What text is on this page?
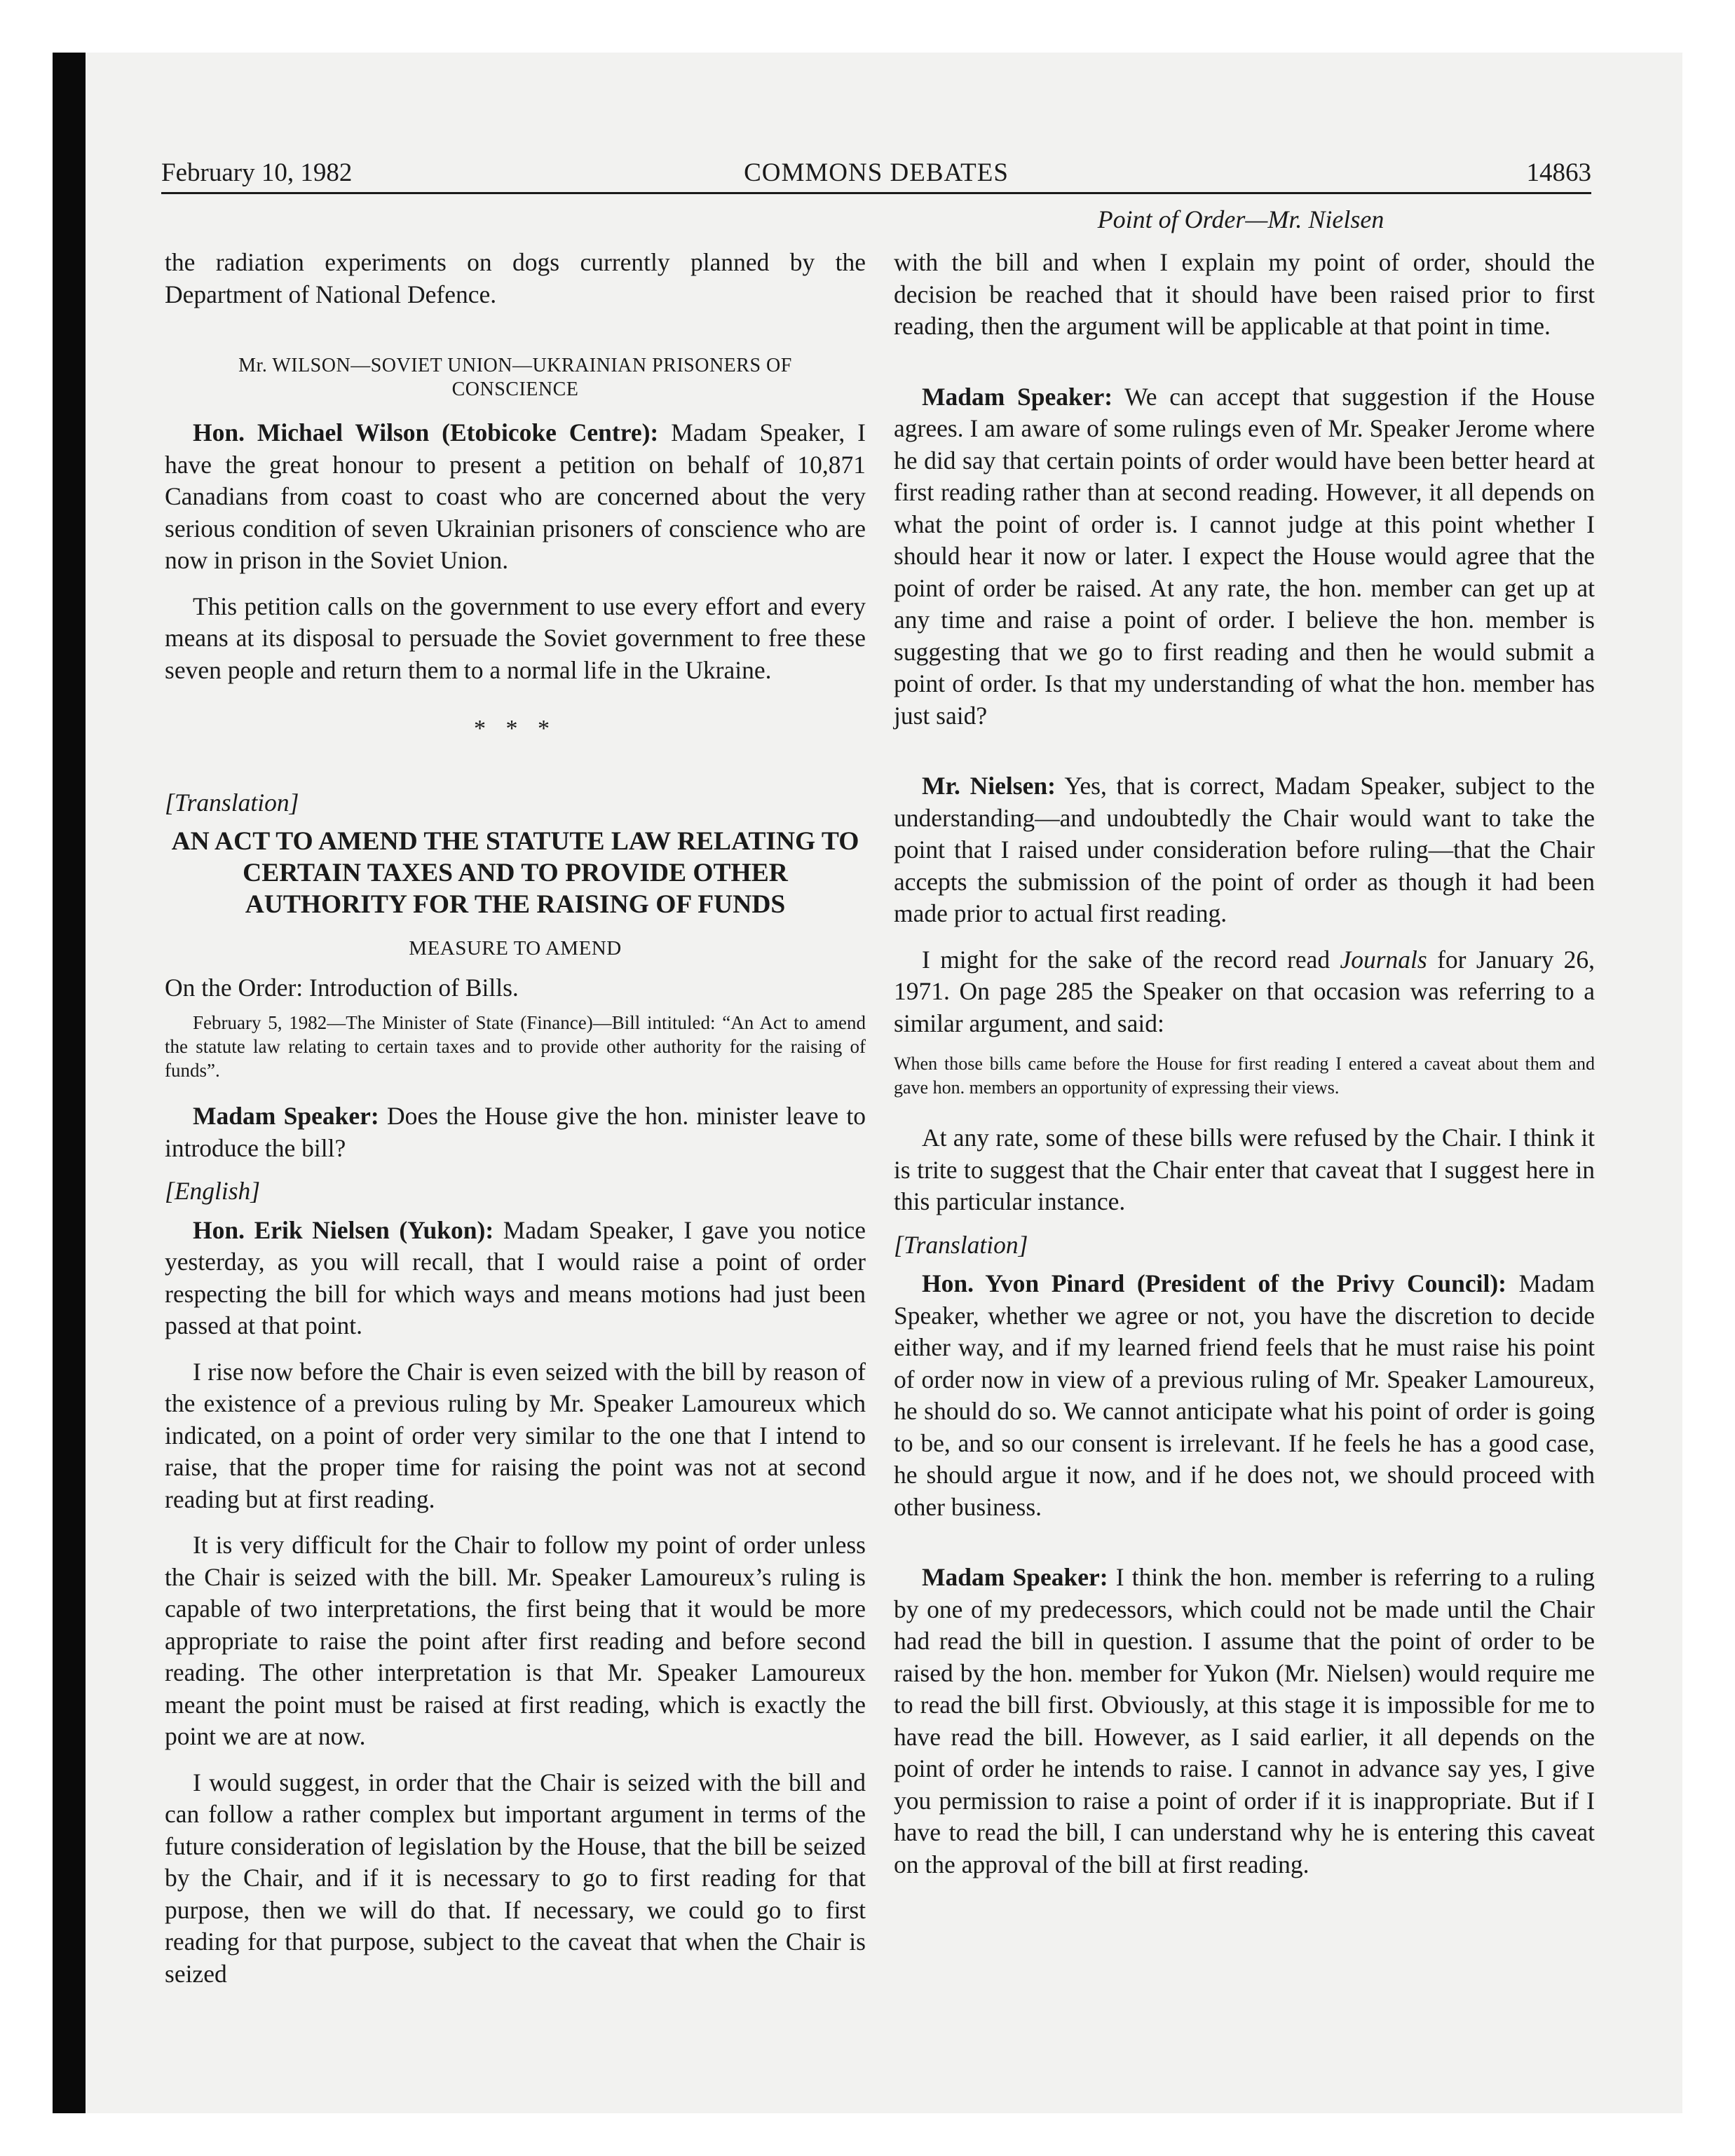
February 10, 1982	COMMONS DEBATES	14863
Point of Order—Mr. Nielsen

the radiation experiments on dogs currently planned by the Department of National Defence.

Mr. WILSON—SOVIET UNION—UKRAINIAN PRISONERS OF CONSCIENCE

Hon. Michael Wilson (Etobicoke Centre): Madam Speaker, I have the great honour to present a petition on behalf of 10,871 Canadians from coast to coast who are concerned about the very serious condition of seven Ukrainian prisoners of conscience who are now in prison in the Soviet Union.

This petition calls on the government to use every effort and every means at its disposal to persuade the Soviet government to free these seven people and return them to a normal life in the Ukraine.

* * *
[Translation]
AN ACT TO AMEND THE STATUTE LAW RELATING TO CERTAIN TAXES AND TO PROVIDE OTHER AUTHORITY FOR THE RAISING OF FUNDS
MEASURE TO AMEND
On the Order: Introduction of Bills.
February 5, 1982—The Minister of State (Finance)—Bill intituled: “An Act to amend the statute law relating to certain taxes and to provide other authority for the raising of funds”.

Madam Speaker: Does the House give the hon. minister leave to introduce the bill?

[English]

Hon. Erik Nielsen (Yukon): Madam Speaker, I gave you notice yesterday, as you will recall, that I would raise a point of order respecting the bill for which ways and means motions had just been passed at that point.

I rise now before the Chair is even seized with the bill by reason of the existence of a previous ruling by Mr. Speaker Lamoureux which indicated, on a point of order very similar to the one that I intend to raise, that the proper time for raising the point was not at second reading but at first reading.

It is very difficult for the Chair to follow my point of order unless the Chair is seized with the bill. Mr. Speaker Lamoureux’s ruling is capable of two interpretations, the first being that it would be more appropriate to raise the point after first reading and before second reading. The other interpretation is that Mr. Speaker Lamoureux meant the point must be raised at first reading, which is exactly the point we are at now.

I would suggest, in order that the Chair is seized with the bill and can follow a rather complex but important argument in terms of the future consideration of legislation by the House, that the bill be seized by the Chair, and if it is necessary to go to first reading for that purpose, then we will do that. If necessary, we could go to first reading for that purpose, subject to the caveat that when the Chair is seized

with the bill and when I explain my point of order, should the decision be reached that it should have been raised prior to first reading, then the argument will be applicable at that point in time.

Madam Speaker: We can accept that suggestion if the House agrees. I am aware of some rulings even of Mr. Speaker Jerome where he did say that certain points of order would have been better heard at first reading rather than at second reading. However, it all depends on what the point of order is. I cannot judge at this point whether I should hear it now or later. I expect the House would agree that the point of order be raised. At any rate, the hon. member can get up at any time and raise a point of order. I believe the hon. member is suggesting that we go to first reading and then he would submit a point of order. Is that my understanding of what the hon. member has just said?

Mr. Nielsen: Yes, that is correct, Madam Speaker, subject to the understanding—and undoubtedly the Chair would want to take the point that I raised under consideration before ruling—that the Chair accepts the submission of the point of order as though it had been made prior to actual first reading.

I might for the sake of the record read Journals for January 26, 1971. On page 285 the Speaker on that occasion was referring to a similar argument, and said:

When those bills came before the House for first reading I entered a caveat about them and gave hon. members an opportunity of expressing their views.

At any rate, some of these bills were refused by the Chair. I think it is trite to suggest that the Chair enter that caveat that I suggest here in this particular instance.

[Translation]

Hon. Yvon Pinard (President of the Privy Council): Madam Speaker, whether we agree or not, you have the discretion to decide either way, and if my learned friend feels that he must raise his point of order now in view of a previous ruling of Mr. Speaker Lamoureux, he should do so. We cannot anticipate what his point of order is going to be, and so our consent is irrelevant. If he feels he has a good case, he should argue it now, and if he does not, we should proceed with other business.

Madam Speaker: I think the hon. member is referring to a ruling by one of my predecessors, which could not be made until the Chair had read the bill in question. I assume that the point of order to be raised by the hon. member for Yukon (Mr. Nielsen) would require me to read the bill first. Obviously, at this stage it is impossible for me to have read the bill. However, as I said earlier, it all depends on the point of order he intends to raise. I cannot in advance say yes, I give you permission to raise a point of order if it is inappropriate. But if I have to read the bill, I can understand why he is entering this caveat on the approval of the bill at first reading.
